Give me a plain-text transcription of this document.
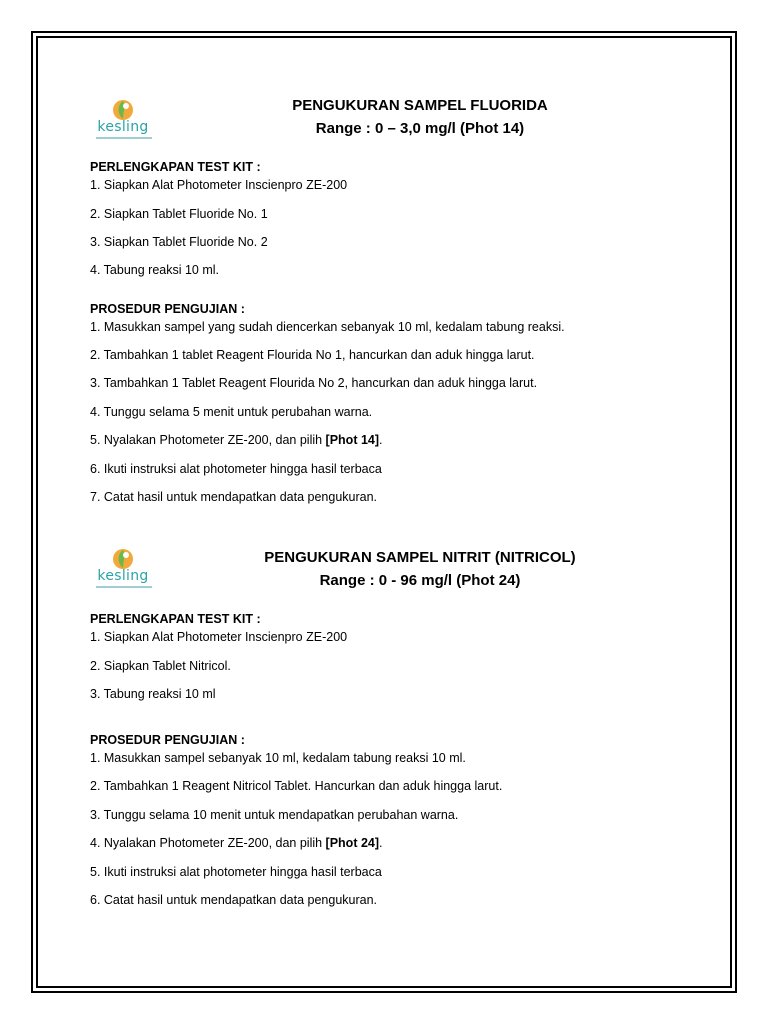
kesling
PENGUKURAN SAMPEL FLUORIDA
Range : 0 – 3,0 mg/l (Phot 14)
PERLENGKAPAN TEST KIT :
1. Siapkan Alat Photometer Inscienpro ZE-200
2. Siapkan Tablet Fluoride No. 1
3. Siapkan Tablet Fluoride No. 2
4. Tabung reaksi 10 ml.
PROSEDUR PENGUJIAN :
1. Masukkan sampel yang sudah diencerkan sebanyak 10 ml, kedalam tabung reaksi.
2. Tambahkan 1 tablet Reagent Flourida No 1, hancurkan dan aduk hingga larut.
3. Tambahkan 1 Tablet Reagent Flourida No 2, hancurkan dan aduk hingga larut.
4. Tunggu selama 5 menit untuk perubahan warna.
5. Nyalakan Photometer ZE-200, dan pilih [Phot 14].
6. Ikuti instruksi alat photometer hingga hasil terbaca
7. Catat hasil untuk mendapatkan data pengukuran.
kesling
PENGUKURAN SAMPEL NITRIT (NITRICOL)
Range : 0 - 96 mg/l (Phot 24)
PERLENGKAPAN TEST KIT :
1. Siapkan Alat Photometer Inscienpro ZE-200
2. Siapkan Tablet Nitricol.
3. Tabung reaksi 10 ml
PROSEDUR PENGUJIAN :
1. Masukkan sampel sebanyak 10 ml, kedalam tabung reaksi 10 ml.
2. Tambahkan 1 Reagent Nitricol Tablet. Hancurkan dan aduk hingga larut.
3. Tunggu selama 10 menit untuk mendapatkan perubahan warna.
4. Nyalakan Photometer ZE-200, dan pilih [Phot 24].
5. Ikuti instruksi alat photometer hingga hasil terbaca
6. Catat hasil untuk mendapatkan data pengukuran.
